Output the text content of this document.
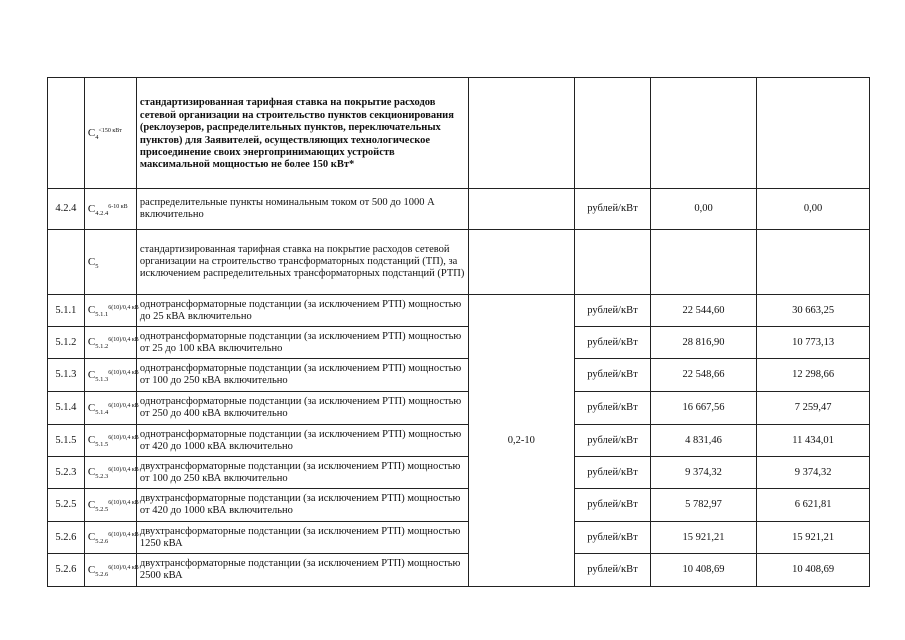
	$C_4^{<150 кВт}$	стандартизированная тарифная ставка на покрытие расходов сетевой организации на строительство пунктов секционирования (реклоузеров, распределительных пунктов, переключательных пунктов) для Заявителей, осуществляющих технологическое присоединение своих энергопринимающих устройств максимальной мощностью не более 150 кВт*				
4.2.4	$C_{4.2.4}^{6-10 кВ}$	распределительные пункты номинальным током от 500 до 1000 А включительно		рублей/кВт	0,00	0,00
	$C_5$	стандартизированная тарифная ставка на покрытие расходов сетевой организации на строительство трансформаторных подстанций (ТП), за исключением распределительных трансформаторных подстанций (РТП)				
5.1.1	$C_{5.1.1}^{6(10)/0,4 кВ}$	однотрансформаторные подстанции (за исключением РТП) мощностью до 25 кВА включительно	0,2-10	рублей/кВт	22 544,60	30 663,25
5.1.2	$C_{5.1.2}^{6(10)/0,4 кВ}$	однотрансформаторные подстанции (за исключением РТП) мощностью от 25 до 100 кВА включительно		рублей/кВт	28 816,90	10 773,13
5.1.3	$C_{5.1.3}^{6(10)/0,4 кВ}$	однотрансформаторные подстанции (за исключением РТП) мощностью от 100 до 250 кВА включительно		рублей/кВт	22 548,66	12 298,66
5.1.4	$C_{5.1.4}^{6(10)/0,4 кВ}$	однотрансформаторные подстанции (за исключением РТП) мощностью от 250 до 400 кВА включительно		рублей/кВт	16 667,56	7 259,47
5.1.5	$C_{5.1.5}^{6(10)/0,4 кВ}$	однотрансформаторные подстанции (за исключением РТП) мощностью от 420 до 1000 кВА включительно		рублей/кВт	4 831,46	11 434,01
5.2.3	$C_{5.2.3}^{6(10)/0,4 кВ}$	двухтрансформаторные подстанции (за исключением РТП) мощностью от 100 до 250 кВА включительно		рублей/кВт	9 374,32	9 374,32
5.2.5	$C_{5.2.5}^{6(10)/0,4 кВ}$	двухтрансформаторные подстанции (за исключением РТП) мощностью от 420 до 1000 кВА включительно		рублей/кВт	5 782,97	6 621,81
5.2.6	$C_{5.2.6}^{6(10)/0,4 кВ}$	двухтрансформаторные подстанции (за исключением РТП) мощностью 1250 кВА		рублей/кВт	15 921,21	15 921,21
5.2.6	$C_{5.2.6}^{6(10)/0,4 кВ}$	двухтрансформаторные подстанции (за исключением РТП) мощностью 2500 кВА		рублей/кВт	10 408,69	10 408,69
